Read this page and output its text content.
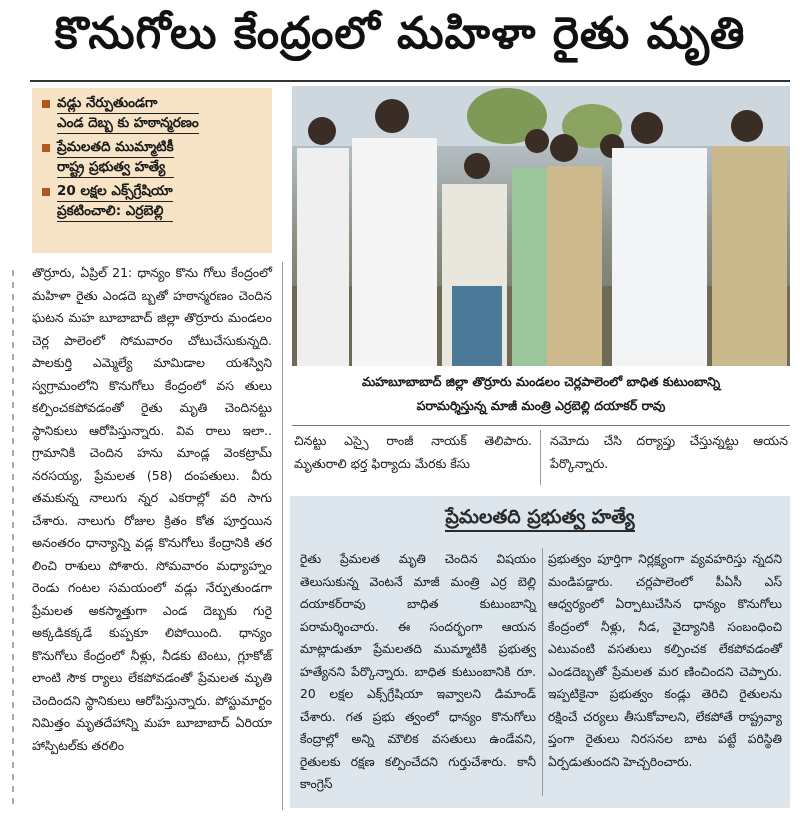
కొనుగోలు కేంద్రంలో మహిళా రైతు మృతి
వడ్లు నేర్పుతుండగా
ఎండ దెబ్బ కు హఠాన్మరణం
ప్రేమలతది ముమ్మాటికీ
రాష్ట్ర ప్రభుత్వ హత్యే
20 లక్షల ఎక్స్‌గ్రేషియా
ప్రకటించాలి: ఎర్రబెల్లి
మహబూబాబాద్ జిల్లా తొర్రూరు మండలం చెర్లపాలెంలో బాధిత కుటుంబాన్ని
పరామర్శిస్తున్న మాజీ మంత్రి ఎర్రబెల్లి దయాకర్ రావు

తొర్రూరు, ఏప్రిల్ 21: ధాన్యం కొను గోలు కేంద్రంలో మహిళా రైతు ఎండదె బ్బతో హఠాన్మరణం చెందిన ఘటన మహ బూబాబాద్ జిల్లా తొర్రూరు మండలం చెర్ల పాలెంలో సోమవారం చోటుచేసుకున్నది. పాలకుర్తి ఎమ్మెల్యే మామిడాల యశస్విని స్వగ్రామంలోని కొనుగోలు కేంద్రంలో వస తులు కల్పించకపోవడంతో రైతు మృతి చెందినట్టు స్థానికులు ఆరోపిస్తున్నారు. వివ రాలు ఇలా.. గ్రామానికి చెందిన హను మాండ్ల వెంకట్రామ్ నరసయ్య, ప్రేమలత (58) దంపతులు. వీరు తమకున్న నాలుగు న్నర ఎకరాల్లో వరి సాగు చేశారు. నాలుగు రోజుల క్రితం కోత పూర్తయిన అనంతరం ధాన్యాన్ని వడ్ల కొనుగోలు కేంద్రానికి తర లించి రాశులు పోశారు. సోమవారం మధ్యాహ్నం రెండు గంటల సమయంలో వడ్లు నేర్పుతుండగా ప్రేమలత అకస్మాత్తుగా ఎండ దెబ్బకు గురై అక్కడికక్కడే కుప్పకూ లిపోయింది. ధాన్యం కొనుగోలు కేంద్రంలో నీళ్లు, నీడకు టెంటు, గ్లూకోజ్ లాంటి సౌక ర్యాలు లేకపోవడంతో ప్రేమలత మృతి చెందిందని స్థానికులు ఆరోపిస్తున్నారు. పోస్టుమార్టం నిమిత్తం మృతదేహాన్ని మహ బూబాబాద్ ఏరియా హాస్పిటల్‌కు తరలిం

చినట్టు ఎస్సై రాంజీ నాయక్ తెలిపారు. మృతురాలి భర్త ఫిర్యాదు మేరకు కేసు

నమోదు చేసి దర్యాప్తు చేస్తున్నట్టు ఆయన పేర్కొన్నారు.

ప్రేమలతది ప్రభుత్వ హత్యే

రైతు ప్రేమలత మృతి చెందిన విషయం తెలుసుకున్న వెంటనే మాజీ మంత్రి ఎర్ర బెల్లి దయాకర్‌రావు బాధిత కుటుంబాన్ని పరామర్శించారు. ఈ సందర్భంగా ఆయన మాట్లాడుతూ ప్రేమలతది ముమ్మాటికి ప్రభుత్వ హత్యేనని పేర్కొన్నారు. బాధిత కుటుంబానికి రూ. 20 లక్షల ఎక్స్‌గ్రేషియా ఇవ్వాలని డిమాండ్ చేశారు. గత ప్రభు త్వంలో ధాన్యం కొనుగోలు కేంద్రాల్లో అన్ని మౌలిక వసతులు ఉండేవని, రైతులకు రక్షణ కల్పించేదని గుర్తుచేశారు. కానీ కాంగ్రెస్

ప్రభుత్వం పూర్తిగా నిర్లక్ష్యంగా వ్యవహరిస్తు న్నదని మండిపడ్డారు. చర్లపాలెంలో పీఏసీ ఎస్ ఆధ్వర్యంలో ఏర్పాటుచేసిన ధాన్యం కొనుగోలు కేంద్రంలో నీళ్లు, నీడ, వైద్యానికి సంబంధించి ఎటువంటి వసతులు కల్పించక లేకపోవడంతో ఎండదెబ్బతో ప్రేమలత మర ణించిందని చెప్పారు. ఇప్పటికైనా ప్రభుత్వం కండ్లు తెరిచి రైతులను రక్షించే చర్యలు తీసుకోవాలని, లేకపోతే రాష్ట్రవ్యా ప్తంగా రైతులు నిరసనల బాట పట్టే పరిస్థితి ఏర్పడుతుందని హెచ్చరించారు.
